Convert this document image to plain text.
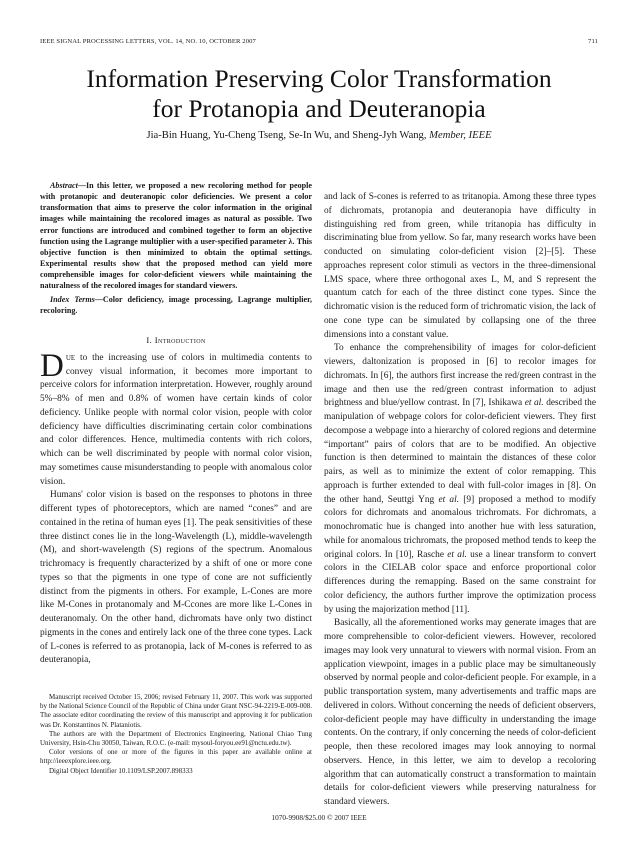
IEEE SIGNAL PROCESSING LETTERS, VOL. 14, NO. 10, OCTOBER 2007	711
Information Preserving Color Transformation
for Protanopia and Deuteranopia
Jia-Bin Huang, Yu-Cheng Tseng, Se-In Wu, and Sheng-Jyh Wang, Member, IEEE

Abstract—In this letter, we proposed a new recoloring method for people with protanopic and deuteranopic color deficiencies. We present a color transformation that aims to preserve the color information in the original images while maintaining the recolored images as natural as possible. Two error functions are introduced and combined together to form an objective function using the Lagrange multiplier with a user-specified parameter λ. This objective function is then minimized to obtain the optimal settings. Experimental results show that the proposed method can yield more comprehensible images for color-deficient viewers while maintaining the naturalness of the recolored images for standard viewers.

Index Terms—Color deficiency, image processing, Lagrange multiplier, recoloring.

I. Introduction

Due to the increasing use of colors in multimedia contents to convey visual information, it becomes more important to perceive colors for information interpretation. However, roughly around 5%–8% of men and 0.8% of women have certain kinds of color deficiency. Unlike people with normal color vision, people with color deficiency have difficulties discriminating certain color combinations and color differences. Hence, multimedia contents with rich colors, which can be well discriminated by people with normal color vision, may sometimes cause misunderstanding to people with anomalous color vision.

Humans' color vision is based on the responses to photons in three different types of photoreceptors, which are named “cones” and are contained in the retina of human eyes [1]. The peak sensitivities of these three distinct cones lie in the long-Wavelength (L), middle-wavelength (M), and short-wavelength (S) regions of the spectrum. Anomalous trichromacy is frequently characterized by a shift of one or more cone types so that the pigments in one type of cone are not sufficiently distinct from the pigments in others. For example, L-Cones are more like M-Cones in protanomaly and M-Ccones are more like L-Cones in deuteranomaly. On the other hand, dichromats have only two distinct pigments in the cones and entirely lack one of the three cone types. Lack of L-cones is referred to as protanopia, lack of M-cones is referred to as deuteranopia,

Manuscript received October 15, 2006; revised February 11, 2007. This work was supported by the National Science Council of the Republic of China under Grant NSC-94-2219-E-009-008. The associate editor coordinating the review of this manuscript and approving it for publication was Dr. Konstantinos N. Plataniotis.

The authors are with the Department of Electronics Engineering, National Chiao Tung University, Hsin-Chu 30050, Taiwan, R.O.C. (e-mail: mysoul-foryou.ee91@nctu.edu.tw).

Color versions of one or more of the figures in this paper are available online at http://ieeexplore.ieee.org.

Digital Object Identifier 10.1109/LSP.2007.898333

and lack of S-cones is referred to as tritanopia. Among these three types of dichromats, protanopia and deuteranopia have difficulty in distinguishing red from green, while tritanopia has difficulty in discriminating blue from yellow. So far, many research works have been conducted on simulating color-deficient vision [2]–[5]. These approaches represent color stimuli as vectors in the three-dimensional LMS space, where three orthogonal axes L, M, and S represent the quantum catch for each of the three distinct cone types. Since the dichromatic vision is the reduced form of trichromatic vision, the lack of one cone type can be simulated by collapsing one of the three dimensions into a constant value.

To enhance the comprehensibility of images for color-deficient viewers, daltonization is proposed in [6] to recolor images for dichromats. In [6], the authors first increase the red/green contrast in the image and then use the red/green contrast information to adjust brightness and blue/yellow contrast. In [7], Ishikawa et al. described the manipulation of webpage colors for color-deficient viewers. They first decompose a webpage into a hierarchy of colored regions and determine “important” pairs of colors that are to be modified. An objective function is then determined to maintain the distances of these color pairs, as well as to minimize the extent of color remapping. This approach is further extended to deal with full-color images in [8]. On the other hand, Seuttgi Yng et al. [9] proposed a method to modify colors for dichromats and anomalous trichromats. For dichromats, a monochromatic hue is changed into another hue with less saturation, while for anomalous trichromats, the proposed method tends to keep the original colors. In [10], Rasche et al. use a linear transform to convert colors in the CIELAB color space and enforce proportional color differences during the remapping. Based on the same constraint for color deficiency, the authors further improve the optimization process by using the majorization method [11].

Basically, all the aforementioned works may generate images that are more comprehensible to color-deficient viewers. However, recolored images may look very unnatural to viewers with normal vision. From an application viewpoint, images in a public place may be simultaneously observed by normal people and color-deficient people. For example, in a public transportation system, many advertisements and traffic maps are delivered in colors. Without concerning the needs of deficient observers, color-deficient people may have difficulty in understanding the image contents. On the contrary, if only concerning the needs of color-deficient people, then these recolored images may look annoying to normal observers. Hence, in this letter, we aim to develop a recoloring algorithm that can automatically construct a transformation to maintain details for color-deficient viewers while preserving naturalness for standard viewers.

1070-9908/$25.00 © 2007 IEEE
